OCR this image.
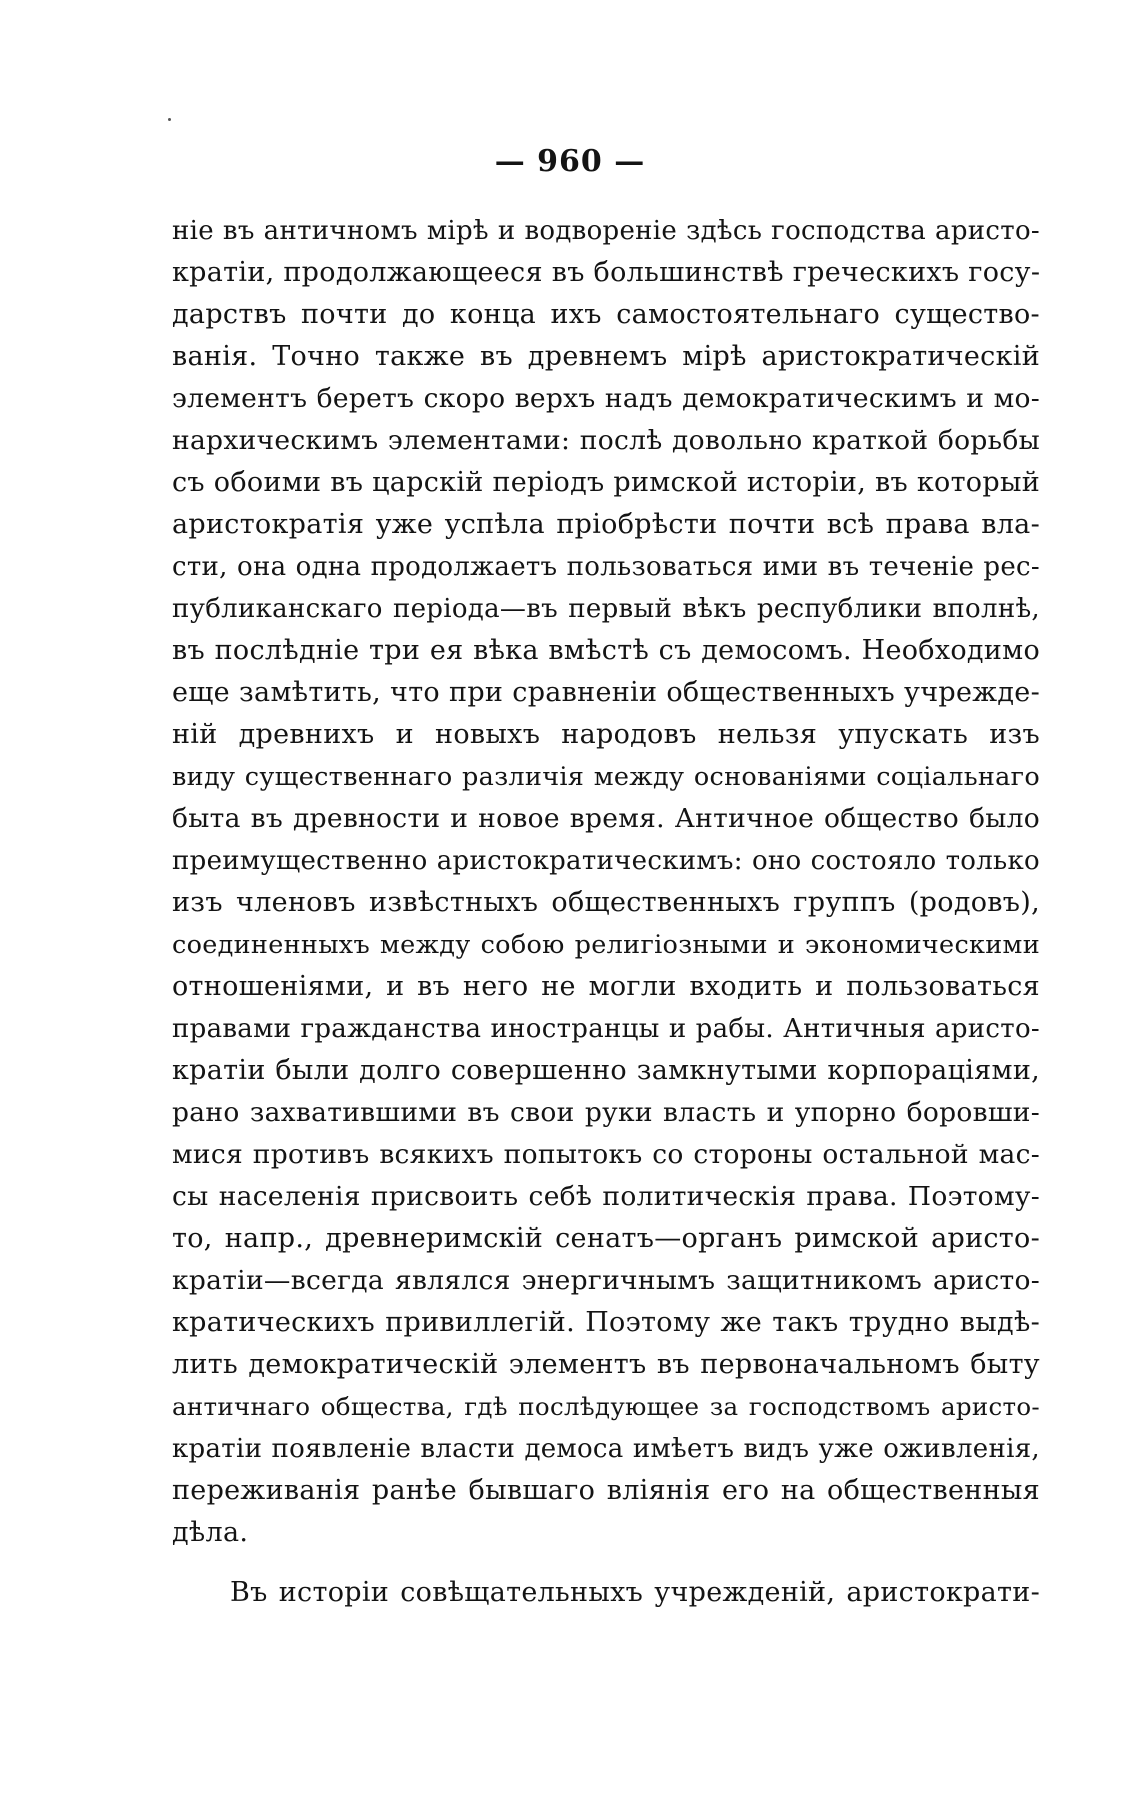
— 960 —

ніе въ античномъ мірѣ и водвореніе здѣсь господства аристо-
кратіи, продолжающееся въ большинствѣ греческихъ госу-
дарствъ почти до конца ихъ самостоятельнаго существо-
ванія. Точно также въ древнемъ мірѣ аристократическій
элементъ беретъ скоро верхъ надъ демократическимъ и мо-
нархическимъ элементами: послѣ довольно краткой борьбы
съ обоими въ царскій періодъ римской исторіи, въ который
аристократія уже успѣла пріобрѣсти почти всѣ права вла-
сти, она одна продолжаетъ пользоваться ими въ теченіе рес-
публиканскаго періода—въ первый вѣкъ республики вполнѣ,
въ послѣдніе три ея вѣка вмѣстѣ съ демосомъ. Необходимо
еще замѣтить, что при сравненіи общественныхъ учрежде-
ній древнихъ и новыхъ народовъ нельзя упускать изъ
виду существеннаго различія между основаніями соціальнаго
быта въ древности и новое время. Античное общество было
преимущественно аристократическимъ: оно состояло только
изъ членовъ извѣстныхъ общественныхъ группъ (родовъ),
соединенныхъ между собою религіозными и экономическими
отношеніями, и въ него не могли входить и пользоваться
правами гражданства иностранцы и рабы. Античныя аристо-
кратіи были долго совершенно замкнутыми корпораціями,
рано захватившими въ свои руки власть и упорно боровши-
мися противъ всякихъ попытокъ со стороны остальной мас-
сы населенія присвоить себѣ политическія права. Поэтому-
то, напр., древнеримскій сенатъ—органъ римской аристо-
кратіи—всегда являлся энергичнымъ защитникомъ аристо-
кратическихъ привиллегій. Поэтому же такъ трудно выдѣ-
лить демократическій элементъ въ первоначальномъ быту
античнаго общества, гдѣ послѣдующее за господствомъ аристо-
кратіи появленіе власти демоса имѣетъ видъ уже оживленія,
переживанія ранѣе бывшаго вліянія его на общественныя
дѣла.

Въ исторіи совѣщательныхъ учрежденій, аристократи-
